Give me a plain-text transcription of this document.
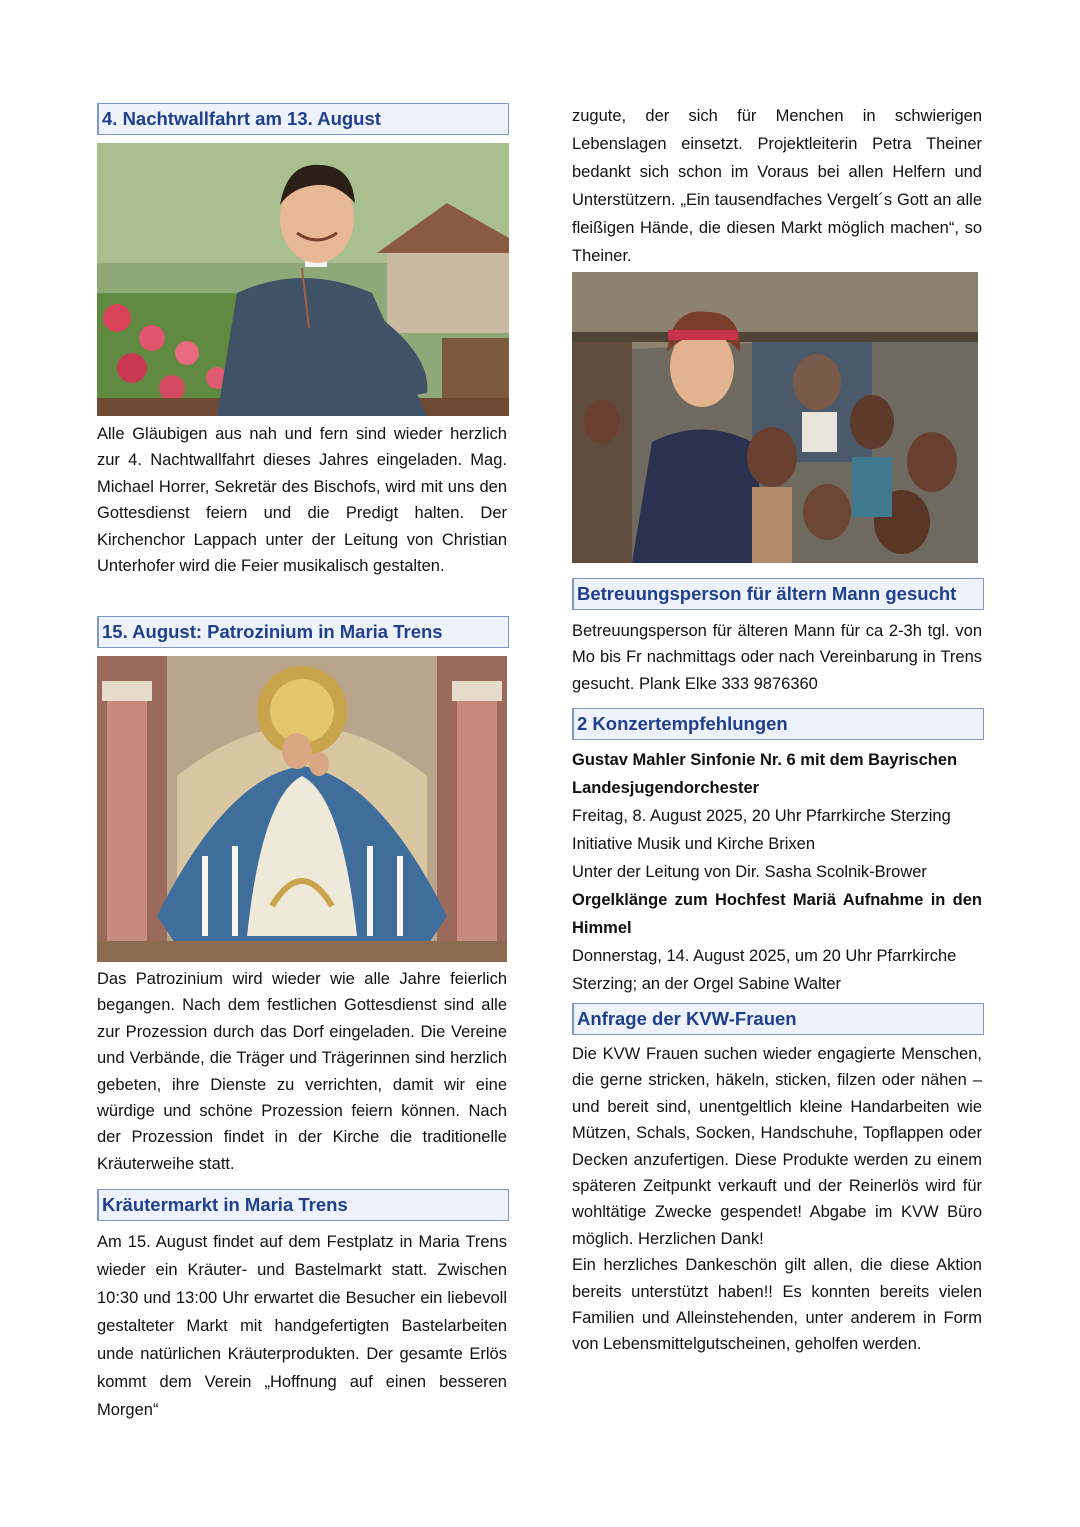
4. Nachtwallfahrt am 13. August

Alle Gläubigen aus nah und fern sind wieder herzlich zur 4. Nachtwallfahrt dieses Jahres eingeladen. Mag. Michael Horrer, Sekretär des Bischofs, wird mit uns den Gottesdienst feiern und die Predigt halten. Der Kirchenchor Lappach unter der Leitung von Christian Unterhofer wird die Feier musikalisch gestalten.

15. August: Patrozinium in Maria Trens

Das Patrozinium wird wieder wie alle Jahre feierlich begangen. Nach dem festlichen Gottesdienst sind alle zur Prozession durch das Dorf eingeladen. Die Vereine und Verbände, die Träger und Trägerinnen sind herzlich gebeten, ihre Dienste zu verrichten, damit wir eine würdige und schöne Prozession feiern können. Nach der Prozession findet in der Kirche die traditionelle Kräuterweihe statt.

Kräutermarkt in Maria Trens

Am 15. August findet auf dem Festplatz in Maria Trens wieder ein Kräuter- und Bastelmarkt statt. Zwischen 10:30 und 13:00 Uhr erwartet die Besucher ein liebevoll gestalteter Markt mit handgefertigten Bastelarbeiten unde natürlichen Kräuterprodukten. Der gesamte Erlös kommt dem Verein „Hoffnung auf einen besseren Morgen“

zugute, der sich für Menchen in schwierigen Lebenslagen einsetzt. Projektleiterin Petra Theiner bedankt sich schon im Voraus bei allen Helfern und Unterstützern. „Ein tausendfaches Vergelt´s Gott an alle fleißigen Hände, die diesen Markt möglich machen“, so Theiner.

Betreuungsperson für ältern Mann gesucht

Betreuungsperson für älteren Mann für ca 2-3h tgl. von Mo bis Fr nachmittags oder nach Vereinbarung in Trens gesucht. Plank Elke 333 9876360

2 Konzertempfehlungen
Gustav Mahler Sinfonie Nr. 6 mit dem Bayrischen Landesjugendorchester
Freitag, 8. August 2025, 20 Uhr Pfarrkirche Sterzing
Initiative Musik und Kirche Brixen
Unter der Leitung von Dir. Sasha Scolnik-Brower
Orgelklänge zum Hochfest Mariä Aufnahme in den Himmel
Donnerstag, 14. August 2025, um 20 Uhr Pfarrkirche Sterzing; an der Orgel Sabine Walter
Anfrage der KVW-Frauen
Die KVW Frauen suchen wieder engagierte Menschen, die gerne stricken, häkeln, sticken, filzen oder nähen – und bereit sind, unentgeltlich kleine Handarbeiten wie Mützen, Schals, Socken, Handschuhe, Topflappen oder Decken anzufertigen. Diese Produkte werden zu einem späteren Zeitpunkt verkauft und der Reinerlös wird für wohltätige Zwecke gespendet! Abgabe im KVW Büro möglich. Herzlichen Dank!
Ein herzliches Dankeschön gilt allen, die diese Aktion bereits unterstützt haben!! Es konnten bereits vielen Familien und Alleinstehenden, unter anderem in Form von Lebensmittelgutscheinen, geholfen werden.
